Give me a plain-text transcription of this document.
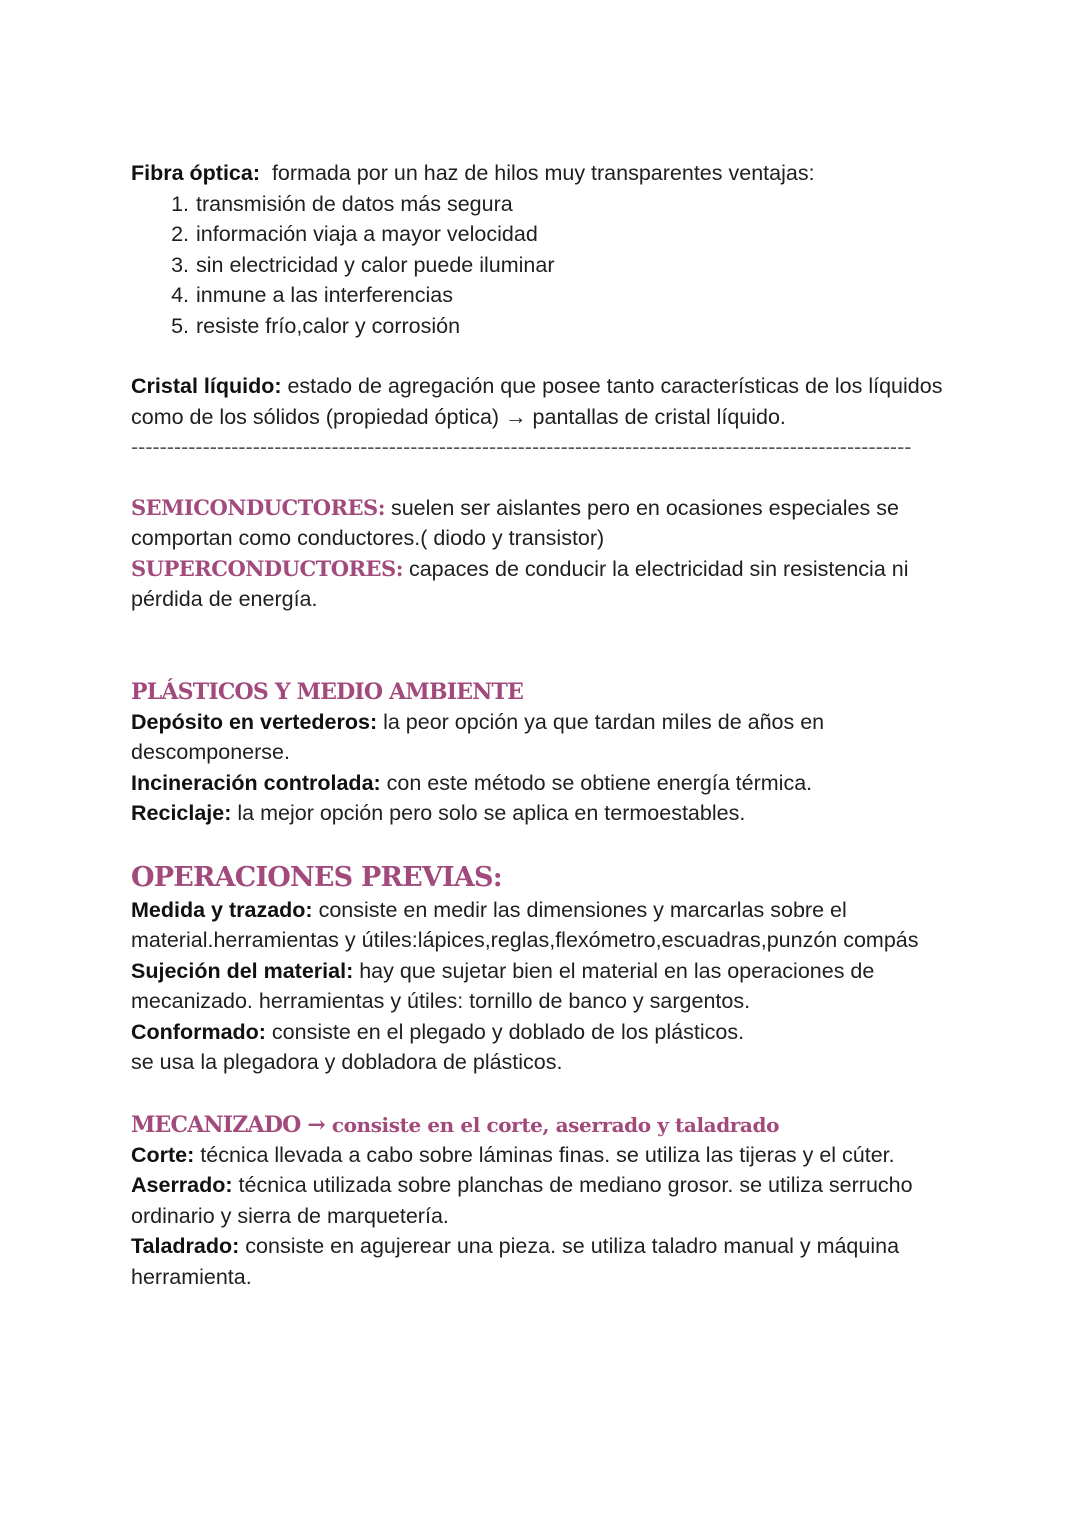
Fibra óptica:  formada por un haz de hilos muy transparentes ventajas:

1. transmisión de datos más segura
2. información viaja a mayor velocidad
3. sin electricidad y calor puede iluminar
4. inmune a las interferencias
5. resiste frío,calor y corrosión

Cristal líquido: estado de agregación que posee tanto características de los líquidos como de los sólidos (propiedad óptica) → pantallas de cristal líquido.

-------------------------------------------------------------------------------------------------------------

SEMICONDUCTORES: suelen ser aislantes pero en ocasiones especiales se comportan como conductores.( diodo y transistor)

SUPERCONDUCTORES: capaces de conducir la electricidad sin resistencia ni pérdida de energía.

PLÁSTICOS Y MEDIO AMBIENTE

Depósito en vertederos: la peor opción ya que tardan miles de años en descomponerse.

Incineración controlada: con este método se obtiene energía térmica.

Reciclaje: la mejor opción pero solo se aplica en termoestables.

OPERACIONES PREVIAS:

Medida y trazado: consiste en medir las dimensiones y marcarlas sobre el material.herramientas y útiles:lápices,reglas,flexómetro,escuadras,punzón compás

Sujeción del material: hay que sujetar bien el material en las operaciones de mecanizado. herramientas y útiles: tornillo de banco y sargentos.

Conformado: consiste en el plegado y doblado de los plásticos.

se usa la plegadora y dobladora de plásticos.

MECANIZADO → consiste en el corte, aserrado y taladrado

Corte: técnica llevada a cabo sobre láminas finas. se utiliza las tijeras y el cúter.

Aserrado: técnica utilizada sobre planchas de mediano grosor. se utiliza serrucho ordinario y sierra de marquetería.

Taladrado: consiste en agujerear una pieza. se utiliza taladro manual y máquina herramienta.
